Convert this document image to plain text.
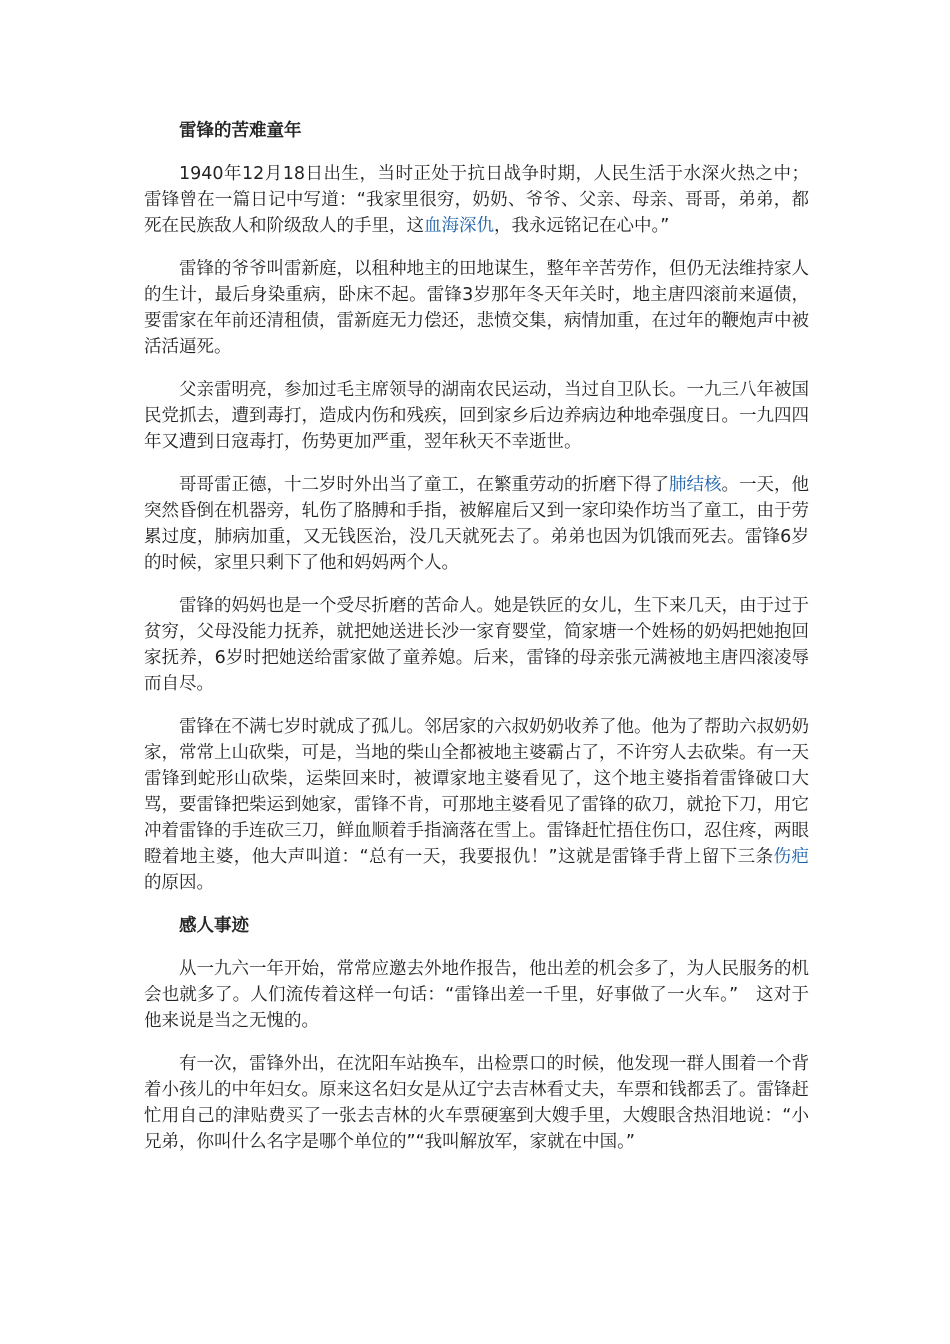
雷锋的苦难童年

1940年12月18日出生，当时正处于抗日战争时期，人民生活于水深火热之中；雷锋曾在一篇日记中写道：“我家里很穷，奶奶、爷爷、父亲、母亲、哥哥，弟弟，都死在民族敌人和阶级敌人的手里，这血海深仇，我永远铭记在心中。”

雷锋的爷爷叫雷新庭，以租种地主的田地谋生，整年辛苦劳作，但仍无法维持家人的生计，最后身染重病，卧床不起。雷锋3岁那年冬天年关时，地主唐四滚前来逼债，要雷家在年前还清租债，雷新庭无力偿还，悲愤交集，病情加重，在过年的鞭炮声中被活活逼死。

父亲雷明亮，参加过毛主席领导的湖南农民运动，当过自卫队长。一九三八年被国民党抓去，遭到毒打，造成内伤和残疾，回到家乡后边养病边种地牵强度日。一九四四年又遭到日寇毒打，伤势更加严重，翌年秋天不幸逝世。

哥哥雷正德，十二岁时外出当了童工，在繁重劳动的折磨下得了肺结核。一天，他突然昏倒在机器旁，轧伤了胳膊和手指，被解雇后又到一家印染作坊当了童工，由于劳累过度，肺病加重，又无钱医治，没几天就死去了。弟弟也因为饥饿而死去。雷锋6岁的时候，家里只剩下了他和妈妈两个人。

雷锋的妈妈也是一个受尽折磨的苦命人。她是铁匠的女儿，生下来几天，由于过于贫穷，父母没能力抚养，就把她送进长沙一家育婴堂，简家塘一个姓杨的奶妈把她抱回家抚养，6岁时把她送给雷家做了童养媳。后来，雷锋的母亲张元满被地主唐四滚凌辱而自尽。

雷锋在不满七岁时就成了孤儿。邻居家的六叔奶奶收养了他。他为了帮助六叔奶奶家，常常上山砍柴，可是，当地的柴山全都被地主婆霸占了，不许穷人去砍柴。有一天雷锋到蛇形山砍柴，运柴回来时，被谭家地主婆看见了，这个地主婆指着雷锋破口大骂，要雷锋把柴运到她家，雷锋不肯，可那地主婆看见了雷锋的砍刀，就抢下刀，用它冲着雷锋的手连砍三刀，鲜血顺着手指滴落在雪上。雷锋赶忙捂住伤口，忍住疼，两眼瞪着地主婆，他大声叫道：“总有一天，我要报仇！”这就是雷锋手背上留下三条伤疤的原因。

感人事迹

从一九六一年开始，常常应邀去外地作报告，他出差的机会多了，为人民服务的机会也就多了。人们流传着这样一句话：“雷锋出差一千里，好事做了一火车。”　这对于他来说是当之无愧的。

有一次，雷锋外出，在沈阳车站换车，出检票口的时候，他发现一群人围着一个背着小孩儿的中年妇女。原来这名妇女是从辽宁去吉林看丈夫，车票和钱都丢了。雷锋赶忙用自己的津贴费买了一张去吉林的火车票硬塞到大嫂手里，大嫂眼含热泪地说：“小兄弟，你叫什么名字是哪个单位的”“我叫解放军，家就在中国。”
